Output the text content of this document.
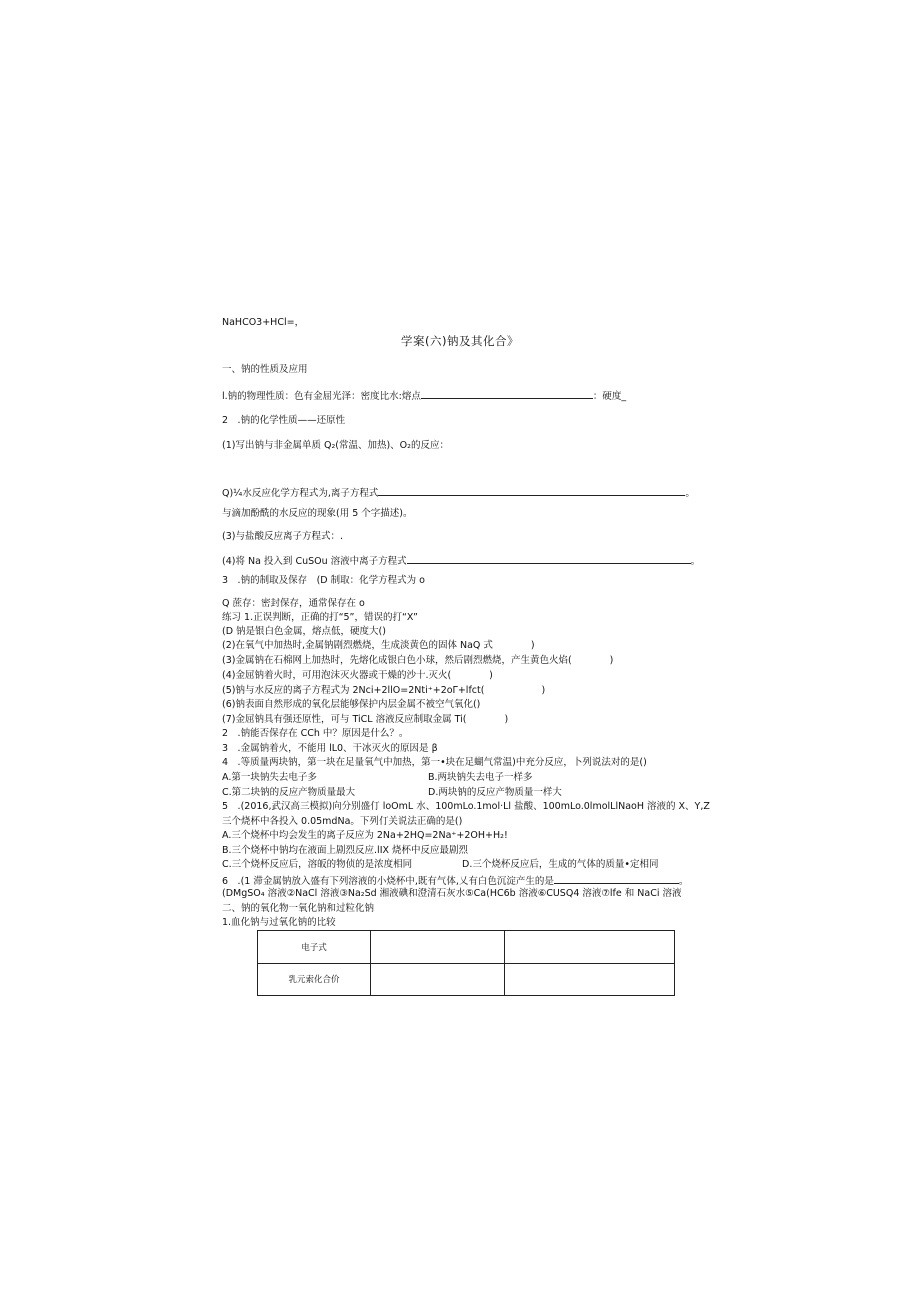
NaHCO3+HCl=，
学案(六)钠及其化合》
一、钠的性质及应用
l.钠的物理性质：色有金屈光泽：密度比水:熔点	：硬度_
2　.钠的化学性质——还原性
(1)写出钠与非金属单质 Q₂(常温、加热)、O₂的反应：
Q)¼水反应化学方程式为,离子方程式	。
与滴加酚酰的水反应的现象(用 5 个字描述)。
(3)与盐酸反应离子方程式：.
(4)将 Na 投入到 CuSOu 溶液中离子方程式	。
3　.钠的制取及保存　(D 制取：化学方程式为 o
Q 蔗存：密封保存，通常保存在 o
练习 1.正误判断，正确的打“5”，错误的打“X”
(D 钠是银白色金属，熔点低，硬度大()
(2)在氧气中加热时,金属钠剧烈燃烧，生成淡黄色的固体 NaQ 式　　　　)
(3)金属钠在石棉网上加热时，先熔化成银白色小球，然后剧烈燃烧，产生黄色火焰(　　　　)
(4)金屈钠着火时，可用泡沫灭火器或干燥的沙十.灭火(　　　　)
(5)钠与水反应的离子方程式为 2Nci+2llO=2Nti⁺+2oΓ+lfct(　　　　　　)
(6)钠表面自然形成的氧化层能够保护内层金属不被空气氧化()
(7)金屈钠具有强还原性，可与 TiCL 溶液反应制取金属 Ti(　　　　)
2　.钠能否保存在 CCh 中？原因是什么？。
3　.金属钠着火，不能用 lL0、干冰灭火的原因是 β
4　.等质量两块钠，第一块在足量氧气中加热，第一•块在足蝴气常温)中充分反应，卜列说法对的是()
A.第一块钠失去电子多	B.两块钠失去电子一样多
C.第二块钠的反应产物质量最大	D.两块钠的反应产物质量一样大
5　.(2016,武汉高三模拟)向分别盛仃 loOmL 水、100mLo.1mol·Ll 盐酸、100mLo.0lmolLlNaoH 溶液的 X、Y,Z
三个烧杯中各投入 0.05mdNa。下列仃关说法正确的是()
A.三个烧杯中均会发生的离子反应为 2Na+2HQ=2Na⁺+2OH+H₂!
B.三个烧杯中钠均在液面上剧烈反应.lIX 烧杯中反应最剧烈
C.三个烧杯反应后，溶皈的物侦的是浓度相同	D.三个烧杯反应后，生成的气体的质量•定相同
6　.(1 滞金属钠放入盛有下列溶液的小烧杯中,既有气体,乂有白色沉淀产生的是	。
(DMgSO₄ 溶液②NaCl 溶液③Na₂Sd 湘液碘和澄清石灰水⑤Ca(HC6b 溶液⑥CUSQ4 溶液⑦lfe 和 NaCi 溶液
二、钠的氧化物一氧化钠和过粒化钠
1.血化钠与过氧化钠的比较
电子式		
乳元索化合价		
